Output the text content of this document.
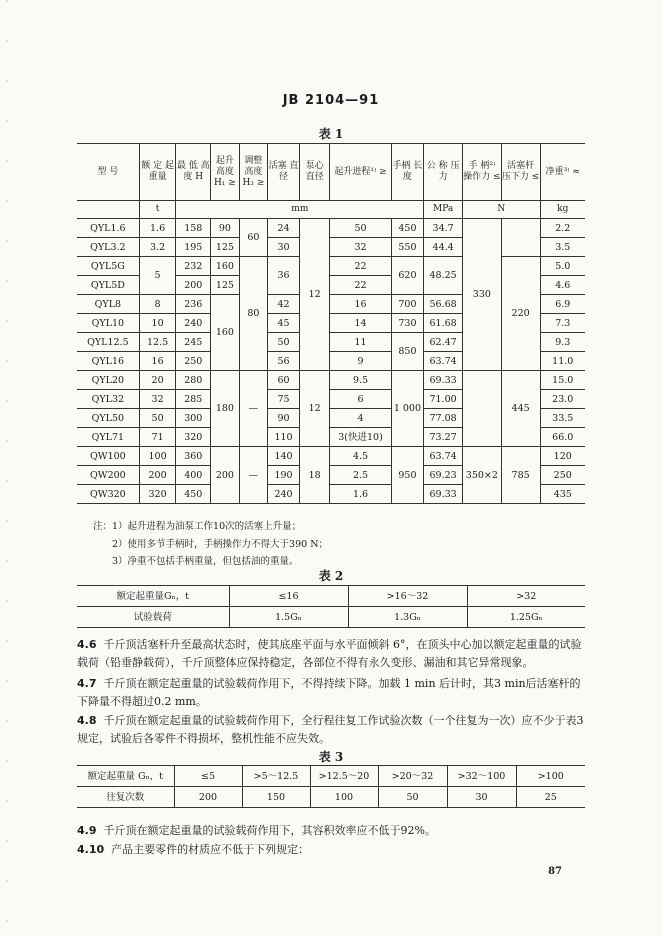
JB 2104—91
表 1
型 号	额 定 起重量	最 低 高 度 H	起升 高度 H₁ ≥	调整 高度 H₂ ≥	活塞 直径	泵心 直径	起升进程¹⁾ ≥	手柄 长度	公 称 压 力	手 柄²⁾ 操作力 ≤	活塞杆 压下力 ≤	净重³⁾ ≈
	t	mm							MPa	N		kg
QYL1.6	1.6	158	90	60	24	12	50	450	34.7	330		2.2
QYL3.2	3.2	195	125		30		32	550	44.4			3.5
QYL5G	5	232	160	80	36		22	620	48.25		220	5.0
QYL5D		200	125				22					4.6
QYL8	8	236	160		42		16	700	56.68			6.9
QYL10	10	240			45		14	730	61.68			7.3
QYL12.5	12.5	245			50		11	850	62.47			9.3
QYL16	16	250			56		9		63.74			11.0
QYL20	20	280	180	—	60	12	9.5	1 000	69.33		445	15.0
QYL32	32	285			75		6		71.00			23.0
QYL50	50	300			90		4		77.08			33.5
QYL71	71	320			110		3(快进10)		73.27			66.0
QW100	100	360	200	—	140	18	4.5	950	63.74	350×2	785	120
QW200	200	400			190		2.5		69.23			250
QW320	320	450			240		1.6		69.33			435
注：1）起升进程为油泵工作10次的活塞上升量；
2）使用多节手柄时，手柄操作力不得大于390 N；
3）净重不包括手柄重量，但包括油的重量。
表 2
额定起重量Gₙ，t	≤16	>16～32	>32
试验载荷	1.5Gₙ	1.3Gₙ	1.25Gₙ
4.6 千斤顶活塞杆升至最高状态时，使其底座平面与水平面倾斜 6°，在顶头中心加以额定起重量的试验载荷（铅垂静载荷），千斤顶整体应保持稳定，各部位不得有永久变形、漏油和其它异常现象。
4.7 千斤顶在额定起重量的试验载荷作用下，不得持续下降。加载 1 min 后计时，其3 min后活塞杆的下降量不得超过0.2 mm。
4.8 千斤顶在额定起重量的试验载荷作用下，全行程往复工作试验次数（一个往复为一次）应不少于表3规定，试验后各零件不得损坏，整机性能不应失效。
表 3
额定起重量 Gₙ，t	≤5	>5～12.5	>12.5～20	>20～32	>32～100	>100
往复次数	200	150	100	50	30	25
4.9 千斤顶在额定起重量的试验载荷作用下，其容积效率应不低于92%。
4.10 产品主要零件的材质应不低于下列规定：
87
